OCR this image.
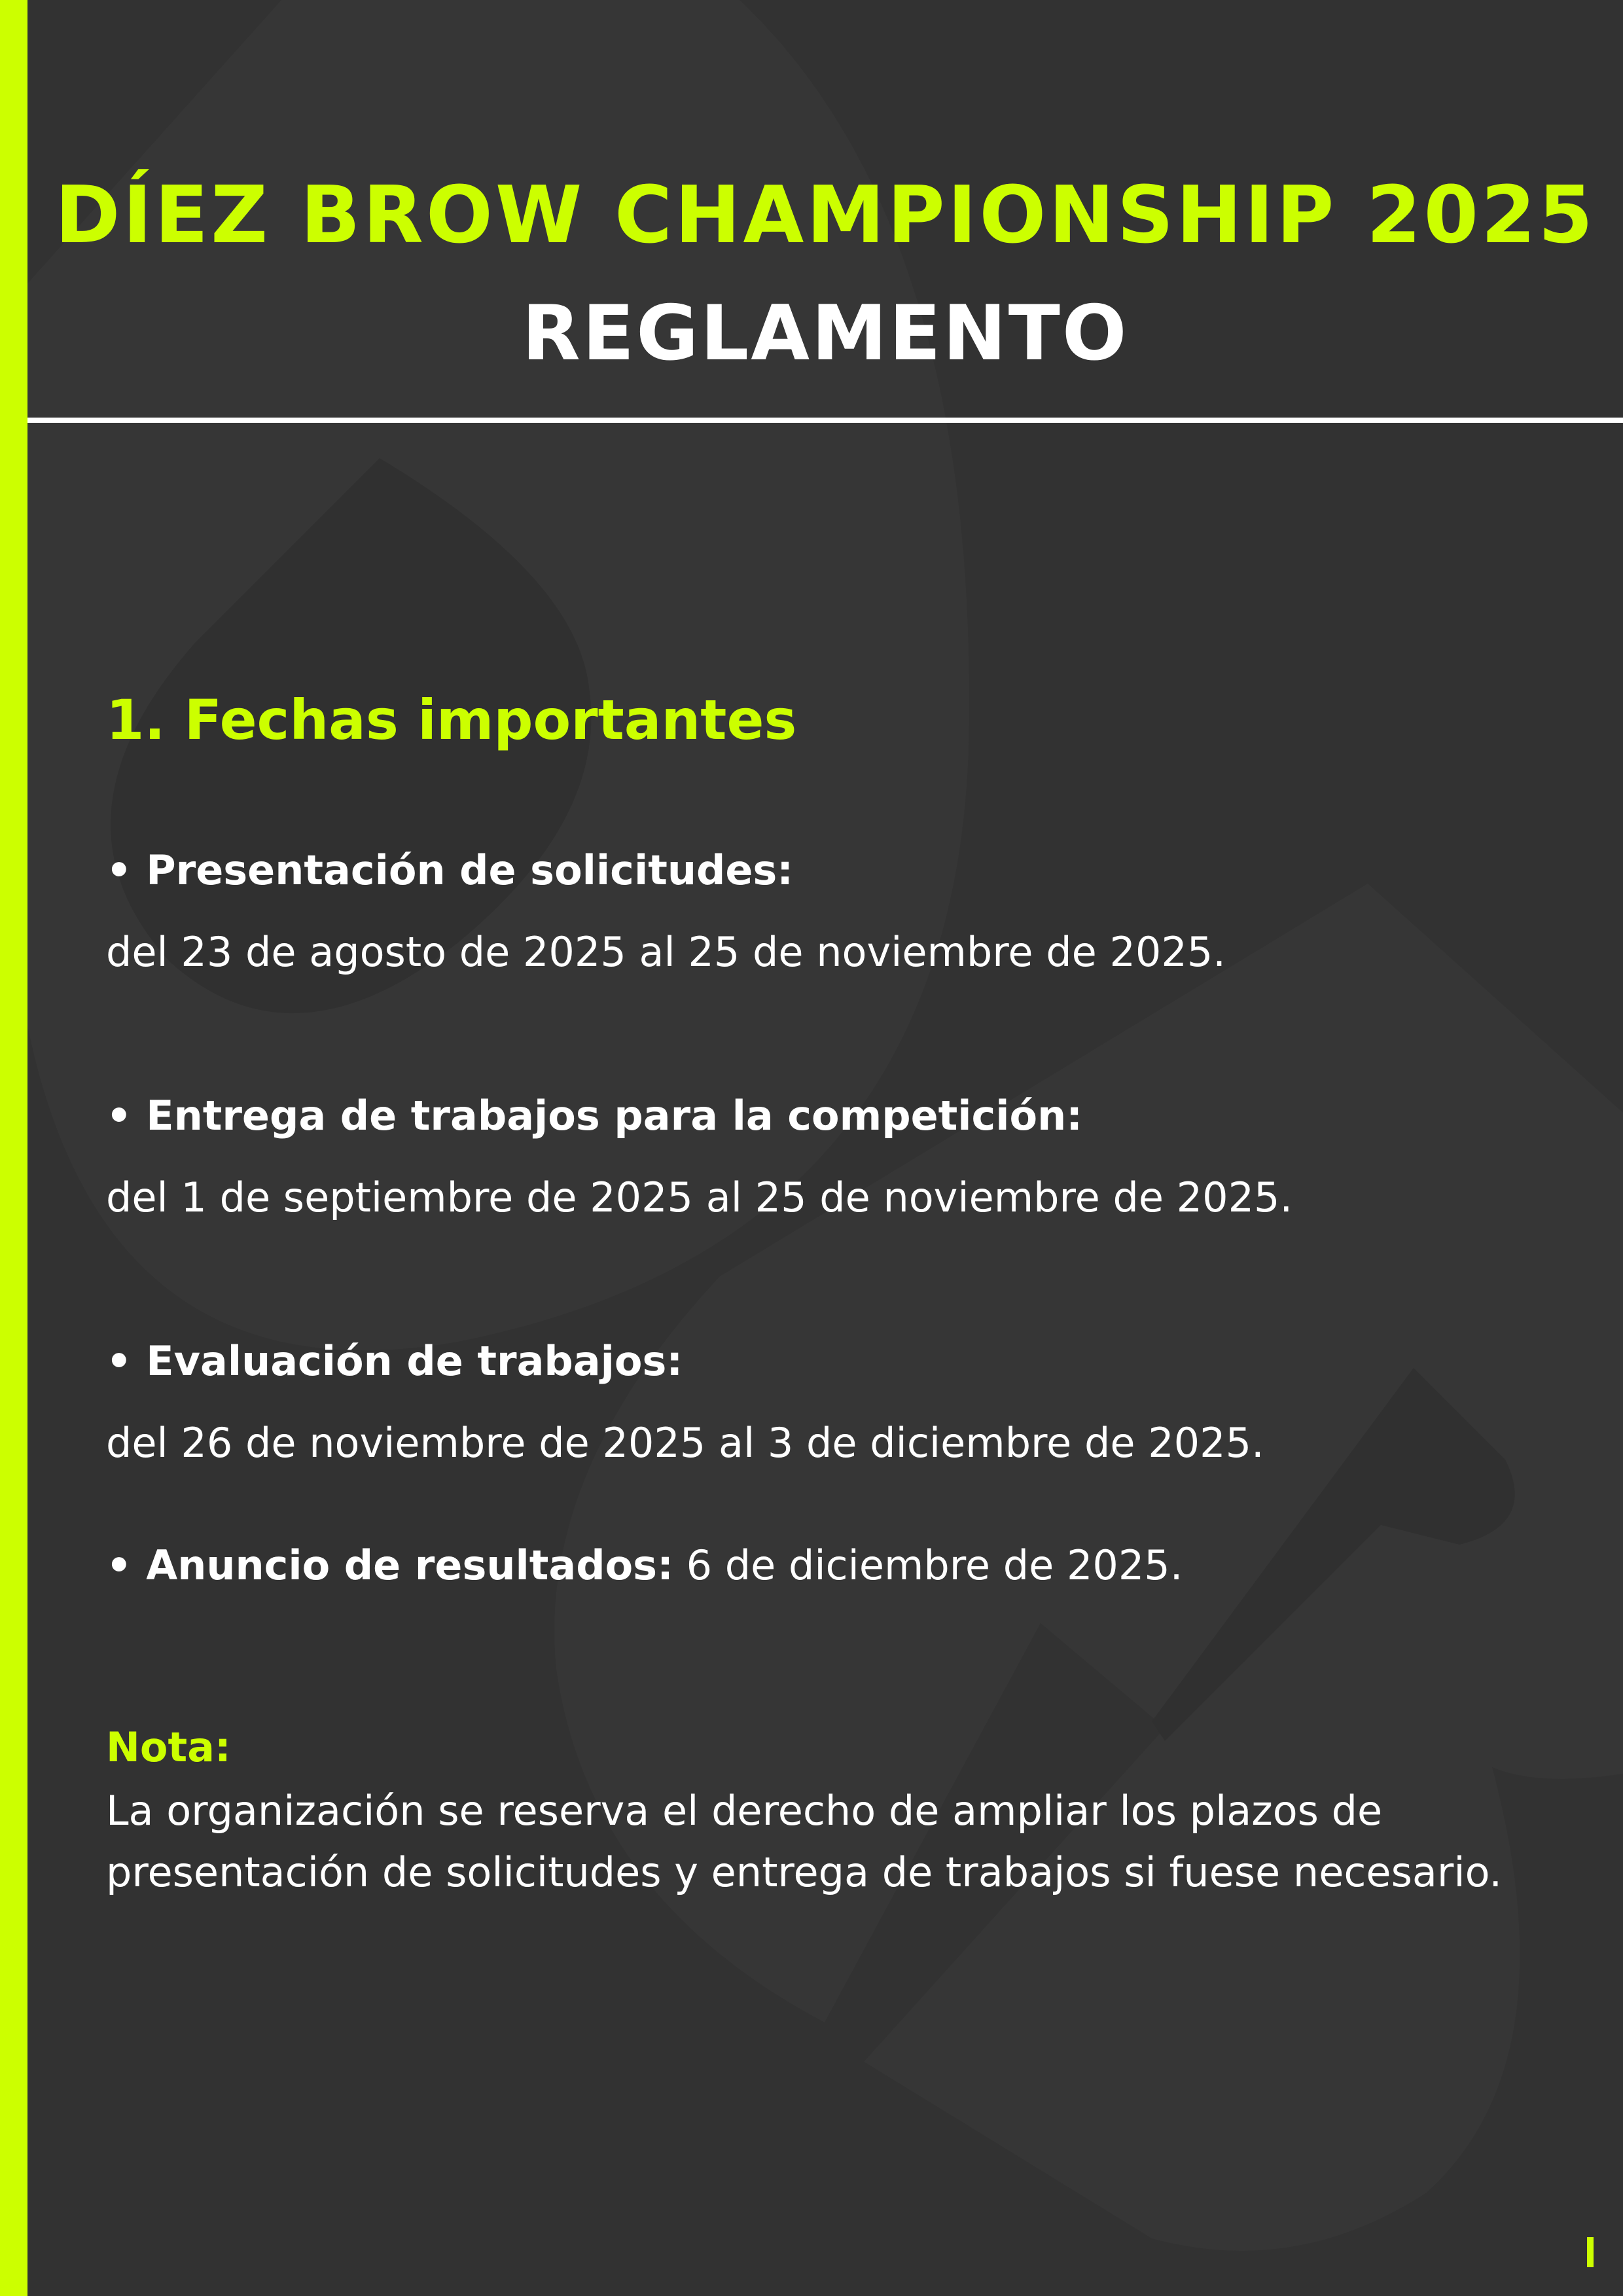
DÍEZ BROW CHAMPIONSHIP 2025
REGLAMENTO
1. Fechas importantes
• Presentación de solicitudes:
del 23 de agosto de 2025 al 25 de noviembre de 2025.
• Entrega de trabajos para la competición:
del 1 de septiembre de 2025 al 25 de noviembre de 2025.
• Evaluación de trabajos:
del 26 de noviembre de 2025 al 3 de diciembre de 2025.
• Anuncio de resultados: 6 de diciembre de 2025.
Nota:
La organización se reserva el derecho de ampliar los plazos de presentación de solicitudes y entrega de trabajos si fuese necesario.
